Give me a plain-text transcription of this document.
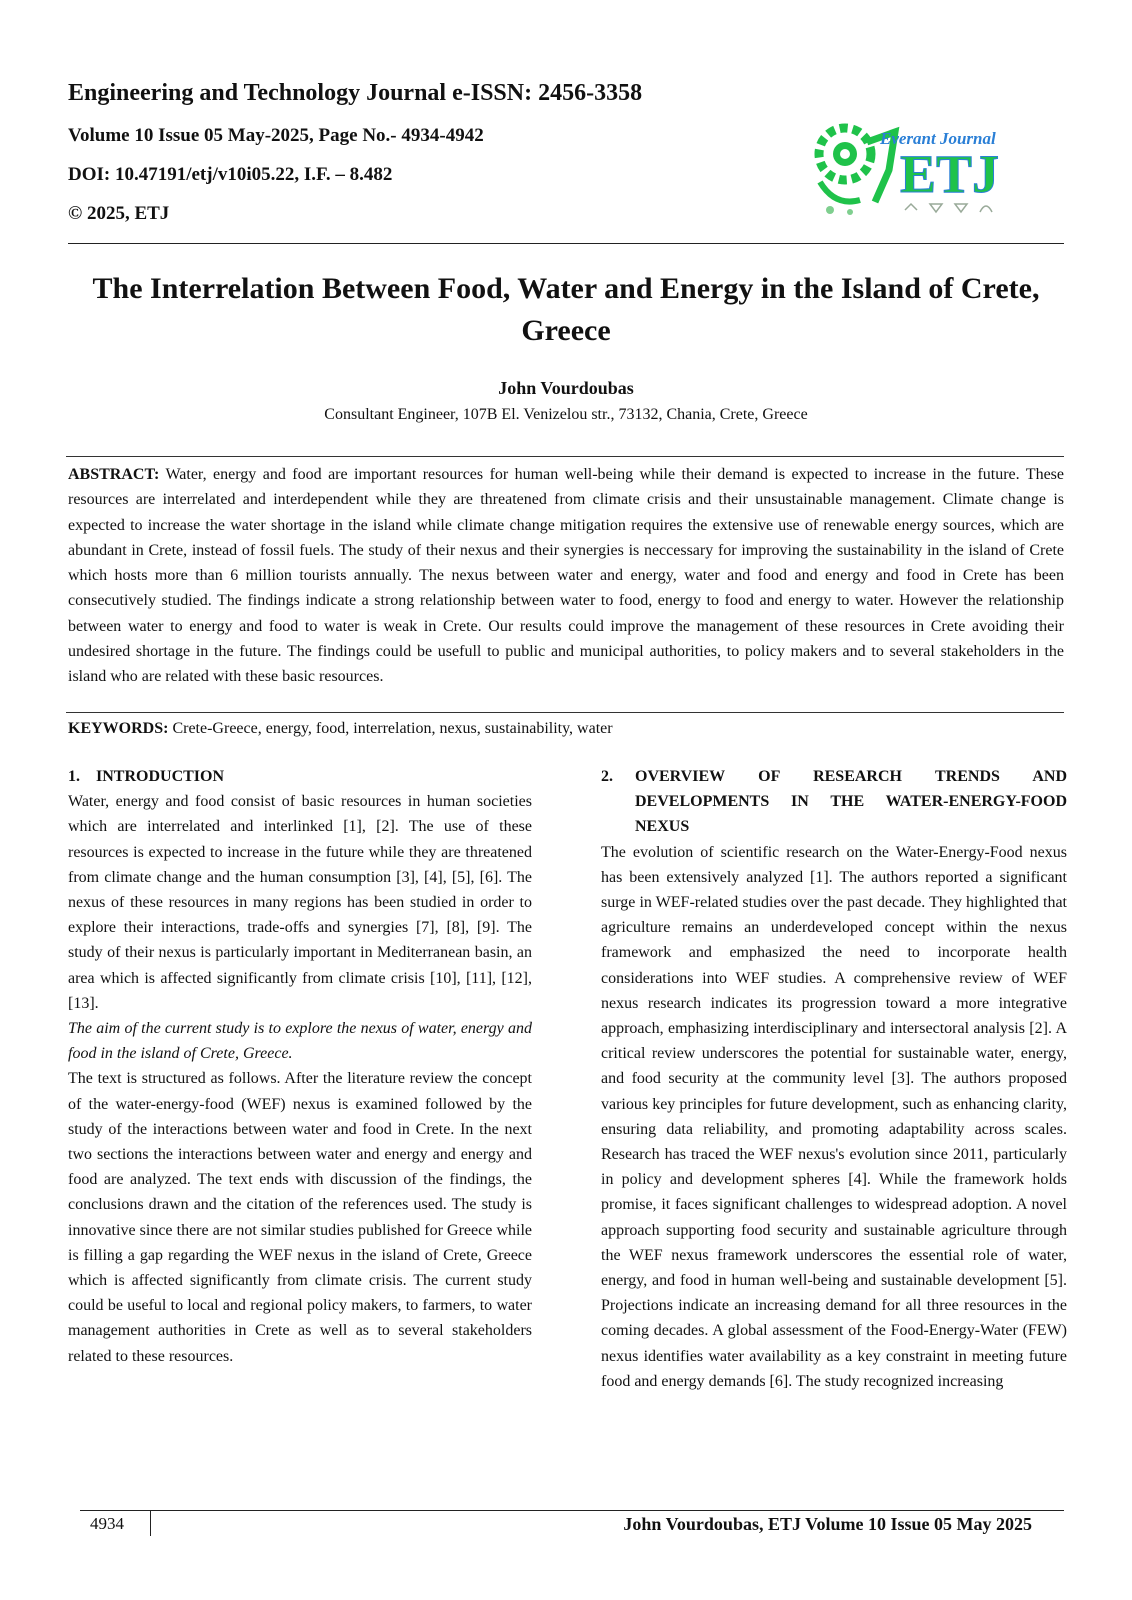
Engineering and Technology Journal e-ISSN: 2456-3358
Volume 10 Issue 05 May-2025, Page No.- 4934-4942
DOI: 10.47191/etj/v10i05.22, I.F. – 8.482
© 2025, ETJ
Everant Journal
ETJ
The Interrelation Between Food, Water and Energy in the Island of Crete, Greece
John Vourdoubas
Consultant Engineer, 107B El. Venizelou str., 73132, Chania, Crete, Greece
ABSTRACT: Water, energy and food are important resources for human well-being while their demand is expected to increase in the future. These resources are interrelated and interdependent while they are threatened from climate crisis and their unsustainable management. Climate change is expected to increase the water shortage in the island while climate change mitigation requires the extensive use of renewable energy sources, which are abundant in Crete, instead of fossil fuels. The study of their nexus and their synergies is neccessary for improving the sustainability in the island of Crete which hosts more than 6 million tourists annually. The nexus between water and energy, water and food and energy and food in Crete has been consecutively studied. The findings indicate a strong relationship between water to food, energy to food and energy to water. However the relationship between water to energy and food to water is weak in Crete. Our results could improve the management of these resources in Crete avoiding their undesired shortage in the future. The findings could be usefull to public and municipal authorities, to policy makers and to several stakeholders in the island who are related with these basic resources.
KEYWORDS: Crete-Greece, energy, food, interrelation, nexus, sustainability, water

1.    INTRODUCTION

Water, energy and food consist of basic resources in human societies which are interrelated and interlinked [1], [2]. The use of these resources is expected to increase in the future while they are threatened from climate change and the human consumption [3], [4], [5], [6]. The nexus of these resources in many regions has been studied in order to explore their interactions, trade-offs and synergies [7], [8], [9]. The study of their nexus is particularly important in Mediterranean basin, an area which is affected significantly from climate crisis [10], [11], [12], [13].

The aim of the current study is to explore the nexus of water, energy and food in the island of Crete, Greece.

The text is structured as follows. After the literature review the concept of the water-energy-food (WEF) nexus is examined followed by the study of the interactions between water and food in Crete. In the next two sections the interactions between water and energy and energy and food are analyzed. The text ends with discussion of the findings, the conclusions drawn and the citation of the references used. The study is innovative since there are not similar studies published for Greece while is filling a gap regarding the WEF nexus in the island of Crete, Greece which is affected significantly from climate crisis. The current study could be useful to local and regional policy makers, to farmers, to water management authorities in Crete as well as to several stakeholders related to these resources.

2.	OVERVIEW OF RESEARCH TRENDS AND DEVELOPMENTS IN THE WATER-ENERGY-FOOD NEXUS

The evolution of scientific research on the Water-Energy-Food nexus has been extensively analyzed [1]. The authors reported a significant surge in WEF-related studies over the past decade. They highlighted that agriculture remains an underdeveloped concept within the nexus framework and emphasized the need to incorporate health considerations into WEF studies. A comprehensive review of WEF nexus research indicates its progression toward a more integrative approach, emphasizing interdisciplinary and intersectoral analysis [2]. A critical review underscores the potential for sustainable water, energy, and food security at the community level [3]. The authors proposed various key principles for future development, such as enhancing clarity, ensuring data reliability, and promoting adaptability across scales. Research has traced the WEF nexus's evolution since 2011, particularly in policy and development spheres [4]. While the framework holds promise, it faces significant challenges to widespread adoption. A novel approach supporting food security and sustainable agriculture through the WEF nexus framework underscores the essential role of water, energy, and food in human well-being and sustainable development [5]. Projections indicate an increasing demand for all three resources in the coming decades. A global assessment of the Food-Energy-Water (FEW) nexus identifies water availability as a key constraint in meeting future food and energy demands [6]. The study recognized increasing

4934	John Vourdoubas, ETJ Volume 10 Issue 05 May 2025
